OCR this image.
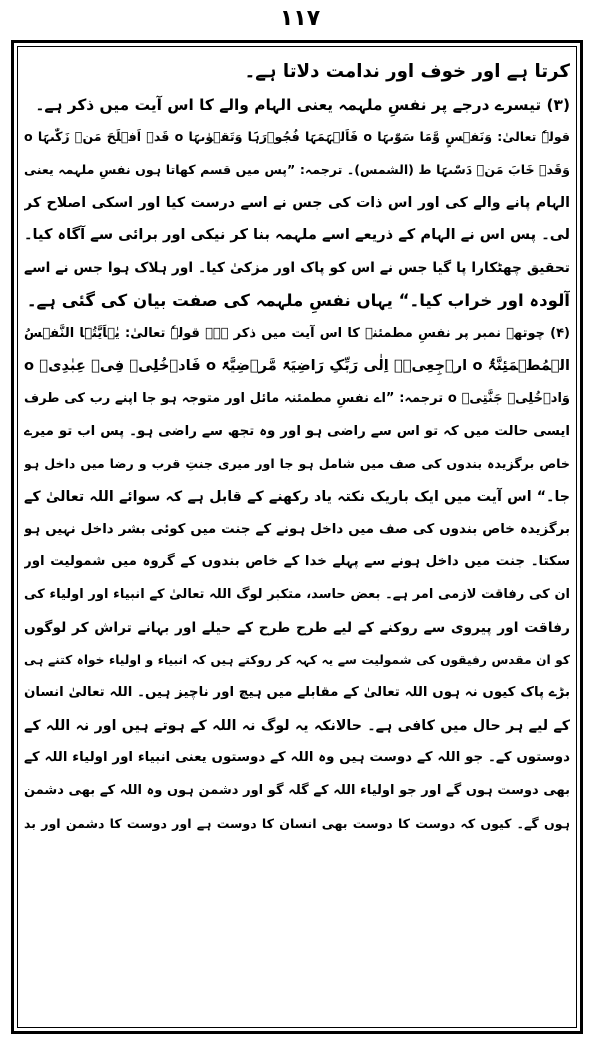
۱۱۷
کرتا ہے اور خوف اور ندامت دلاتا ہے۔
(۳) تیسرے درجے پر نفسِ ملہمہ یعنی الہام والے کا اس آیت میں ذکر ہے۔
قولہٗ تعالیٰ: وَنَفۡسٍ وَّمَا سَوّٰىہَا o فَاَلۡہَمَہَا فُجُوۡرَہَا وَتَقۡوٰىہَا o قَدۡ اَفۡلَحَ مَنۡ زَکّٰىہَا o
وَقَدۡ خَابَ مَنۡ دَسّٰىہَا ط (الشمس)۔ ترجمہ: ”پس میں قسم کھاتا ہوں نفسِ ملہمہ یعنی
الہام پانے والے کی اور اس ذات کی جس نے اسے درست کیا اور اسکی اصلاح کر
لی۔ پس اس نے الہام کے ذریعے اسے ملہمہ بنا کر نیکی اور برائی سے آگاہ کیا۔
تحقیق چھٹکارا پا گیا جس نے اس کو پاک اور مزکیٰ کیا۔ اور ہلاک ہوا جس نے اسے
آلودہ اور خراب کیا۔“ یہاں نفسِ ملہمہ کی صفت بیان کی گئی ہے۔
(۴) چوتھے نمبر پر نفسِ مطمئنہ کا اس آیت میں ذکر ہے۔ قولہٗ تعالیٰ: یٰۤاَیَّتُہَا النَّفۡسُ
الۡمُطۡمَئِنَّۃُ o ارۡجِعِیۡۤ اِلٰی رَبِّکِ رَاضِیَۃً مَّرۡضِیَّۃً o فَادۡخُلِیۡ فِیۡ عِبٰدِیۡ o
وَادۡخُلِیۡ جَنَّتِیۡ o ترجمہ: ”اے نفسِ مطمئنہ مائل اور متوجہ ہو جا اپنے رب کی طرف
ایسی حالت میں کہ تو اس سے راضی ہو اور وہ تجھ سے راضی ہو۔ پس اب تو میرے
خاص برگزیدہ بندوں کی صف میں شامل ہو جا اور میری جنتِ قرب و رضا میں داخل ہو
جا۔“ اس آیت میں ایک باریک نکتہ یاد رکھنے کے قابل ہے کہ سوائے اللہ تعالیٰ کے
برگزیدہ خاص بندوں کی صف میں داخل ہونے کے جنت میں کوئی بشر داخل نہیں ہو
سکتا۔ جنت میں داخل ہونے سے پہلے خدا کے خاص بندوں کے گروہ میں شمولیت اور
ان کی رفاقت لازمی امر ہے۔ بعض حاسد، متکبر لوگ اللہ تعالیٰ کے انبیاء اور اولیاء کی
رفاقت اور پیروی سے روکنے کے لیے طرح طرح کے حیلے اور بہانے تراش کر لوگوں
کو ان مقدس رفیقوں کی شمولیت سے یہ کہہ کر روکتے ہیں کہ انبیاء و اولیاء خواہ کتنے ہی
بڑے پاک کیوں نہ ہوں اللہ تعالیٰ کے مقابلے میں ہیچ اور ناچیز ہیں۔ اللہ تعالیٰ انسان
کے لیے ہر حال میں کافی ہے۔ حالانکہ یہ لوگ نہ اللہ کے ہوتے ہیں اور نہ اللہ کے
دوستوں کے۔ جو اللہ کے دوست ہیں وہ اللہ کے دوستوں یعنی انبیاء اور اولیاء اللہ کے
بھی دوست ہوں گے اور جو اولیاء اللہ کے گلہ گو اور دشمن ہوں وہ اللہ کے بھی دشمن
ہوں گے۔ کیوں کہ دوست کا دوست بھی انسان کا دوست ہے اور دوست کا دشمن اور بد
